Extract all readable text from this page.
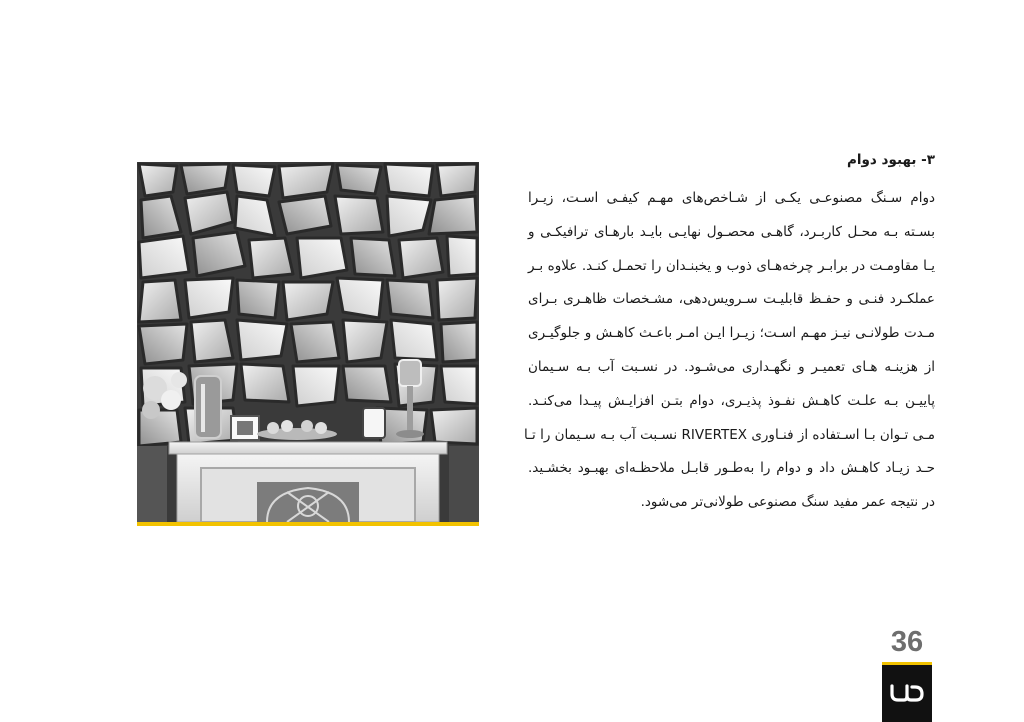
۳- بهبود دوام
دوام سـنگ مصنوعـی یکـی از شـاخص‌های مهـم کیفـی اسـت، زیـرا
بسـته بـه محـل کاربـرد، گاهـی محصـول نهایـی بایـد بارهـای ترافیکـی و
یـا مقاومـت در برابـر چرخه‌هـای ذوب و یخبنـدان را تحمـل کنـد. علاوه بـر
عملکـرد فنـی و حفـظ قابلیـت سـرویس‌دهی، مشـخصات ظاهـری بـرای
مـدت طولانـی نیـز مهـم اسـت؛ زیـرا ایـن امـر باعـث کاهـش و جلوگیـری
از هزینـه هـای تعمیـر و نگهـداری می‌شـود. در نسـبت آب بـه سـیمان
پاییـن بـه علـت کاهـش نفـوذ پذیـری، دوام بتـن افزایـش پیـدا می‌کنـد.
مـی تـوان بـا اسـتفاده از فنـاوری RIVERTEX نسـبت آب بـه سـیمان را تـا
حـد زیـاد کاهـش داد و دوام را به‌طـور قابـل ملاحظـه‌ای بهبـود بخشـید.
در نتیجه عمر مفید سنگ مصنوعی طولانی‌تر می‌شود.
36
